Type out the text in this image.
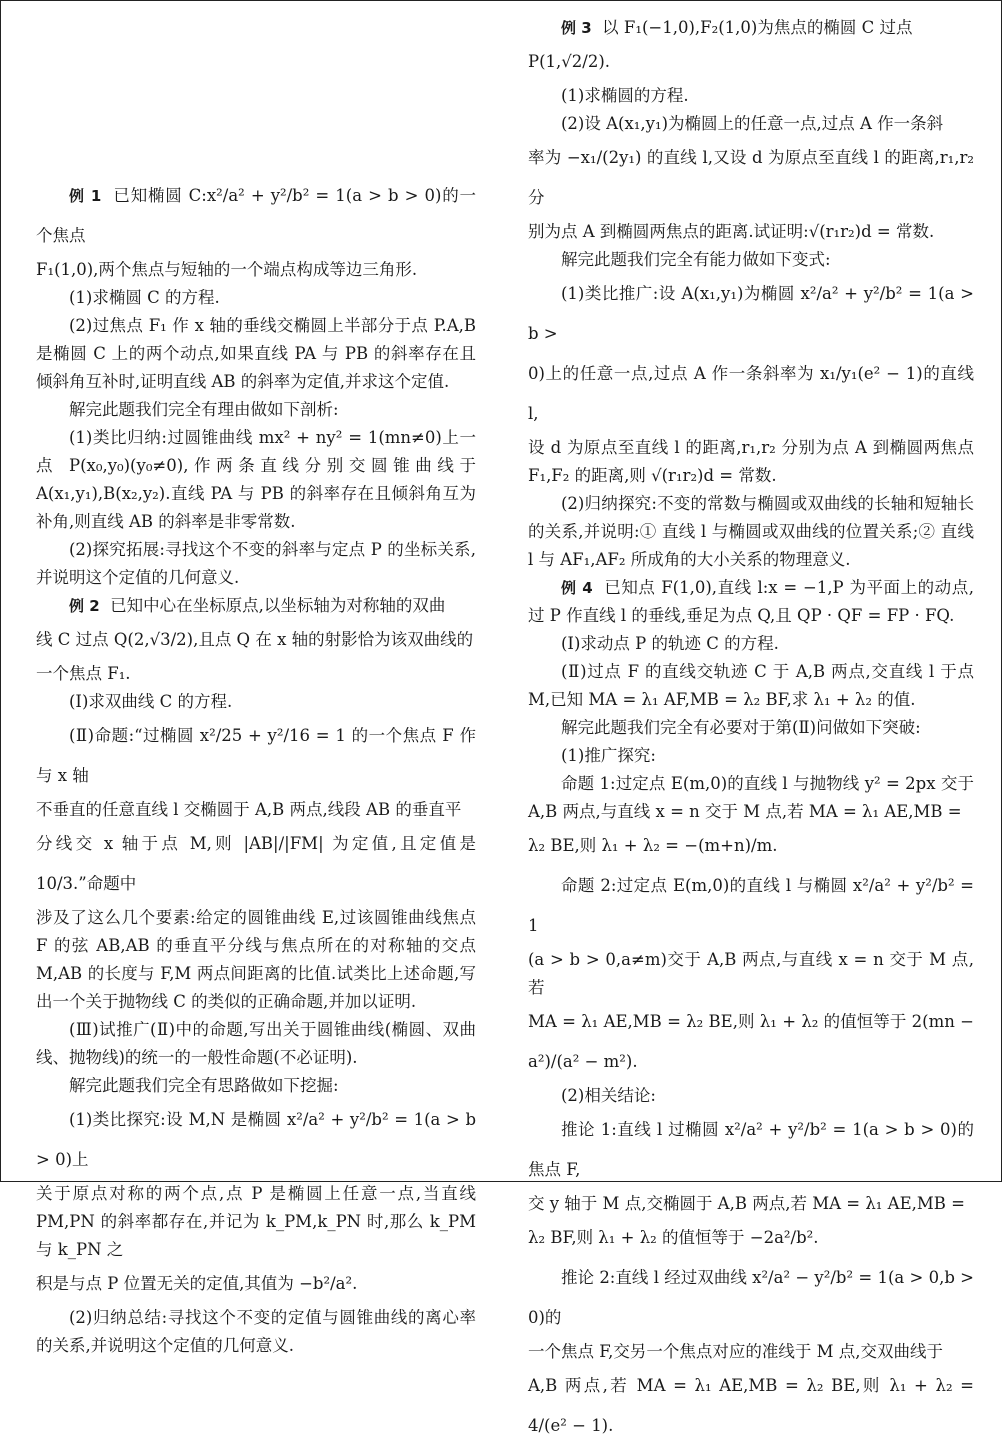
例 1 已知椭圆 C:x²/a² + y²/b² = 1(a > b > 0)的一个焦点

F₁(1,0),两个焦点与短轴的一个端点构成等边三角形.

(1)求椭圆 C 的方程.

(2)过焦点 F₁ 作 x 轴的垂线交椭圆上半部分于点 P.A,B 是椭圆 C 上的两个动点,如果直线 PA 与 PB 的斜率存在且倾斜角互补时,证明直线 AB 的斜率为定值,并求这个定值.

解完此题我们完全有理由做如下剖析:

(1)类比归纳:过圆锥曲线 mx² + ny² = 1(mn≠0)上一点 P(x₀,y₀)(y₀≠0),作两条直线分别交圆锥曲线于 A(x₁,y₁),B(x₂,y₂).直线 PA 与 PB 的斜率存在且倾斜角互为补角,则直线 AB 的斜率是非零常数.

(2)探究拓展:寻找这个不变的斜率与定点 P 的坐标关系,并说明这个定值的几何意义.

例 2 已知中心在坐标原点,以坐标轴为对称轴的双曲

线 C 过点 Q(2,√3/2),且点 Q 在 x 轴的射影恰为该双曲线的

一个焦点 F₁.

(Ⅰ)求双曲线 C 的方程.

(Ⅱ)命题:“过椭圆 x²/25 + y²/16 = 1 的一个焦点 F 作与 x 轴

不垂直的任意直线 l 交椭圆于 A,B 两点,线段 AB 的垂直平

分线交 x 轴于点 M,则 |AB|/|FM| 为定值,且定值是 10/3.”命题中

涉及了这么几个要素:给定的圆锥曲线 E,过该圆锥曲线焦点 F 的弦 AB,AB 的垂直平分线与焦点所在的对称轴的交点 M,AB 的长度与 F,M 两点间距离的比值.试类比上述命题,写出一个关于抛物线 C 的类似的正确命题,并加以证明.

(Ⅲ)试推广(Ⅱ)中的命题,写出关于圆锥曲线(椭圆、双曲线、抛物线)的统一的一般性命题(不必证明).

解完此题我们完全有思路做如下挖掘:

(1)类比探究:设 M,N 是椭圆 x²/a² + y²/b² = 1(a > b > 0)上

关于原点对称的两个点,点 P 是椭圆上任意一点,当直线 PM,PN 的斜率都存在,并记为 k_PM,k_PN 时,那么 k_PM 与 k_PN 之

积是与点 P 位置无关的定值,其值为 −b²/a².

(2)归纳总结:寻找这个不变的定值与圆锥曲线的离心率的关系,并说明这个定值的几何意义.

例 3 以 F₁(−1,0),F₂(1,0)为焦点的椭圆 C 过点

P(1,√2/2).

(1)求椭圆的方程.

(2)设 A(x₁,y₁)为椭圆上的任意一点,过点 A 作一条斜

率为 −x₁/(2y₁) 的直线 l,又设 d 为原点至直线 l 的距离,r₁,r₂ 分

别为点 A 到椭圆两焦点的距离.试证明:√(r₁r₂)d = 常数.

解完此题我们完全有能力做如下变式:

(1)类比推广:设 A(x₁,y₁)为椭圆 x²/a² + y²/b² = 1(a > b >

0)上的任意一点,过点 A 作一条斜率为 x₁/y₁(e² − 1)的直线 l,

设 d 为原点至直线 l 的距离,r₁,r₂ 分别为点 A 到椭圆两焦点 F₁,F₂ 的距离,则 √(r₁r₂)d = 常数.

(2)归纳探究:不变的常数与椭圆或双曲线的长轴和短轴长的关系,并说明:① 直线 l 与椭圆或双曲线的位置关系;② 直线 l 与 AF₁,AF₂ 所成角的大小关系的物理意义.

例 4 已知点 F(1,0),直线 l:x = −1,P 为平面上的动点,过 P 作直线 l 的垂线,垂足为点 Q,且 QP · QF = FP · FQ.

(Ⅰ)求动点 P 的轨迹 C 的方程.

(Ⅱ)过点 F 的直线交轨迹 C 于 A,B 两点,交直线 l 于点 M,已知 MA = λ₁ AF,MB = λ₂ BF,求 λ₁ + λ₂ 的值.

解完此题我们完全有必要对于第(Ⅱ)问做如下突破:

(1)推广探究:

命题 1:过定点 E(m,0)的直线 l 与抛物线 y² = 2px 交于 A,B 两点,与直线 x = n 交于 M 点,若 MA = λ₁ AE,MB =

λ₂ BE,则 λ₁ + λ₂ = −(m+n)/m.

命题 2:过定点 E(m,0)的直线 l 与椭圆 x²/a² + y²/b² = 1

(a > b > 0,a≠m)交于 A,B 两点,与直线 x = n 交于 M 点,若

MA = λ₁ AE,MB = λ₂ BE,则 λ₁ + λ₂ 的值恒等于 2(mn − a²)/(a² − m²).

(2)相关结论:

推论 1:直线 l 过椭圆 x²/a² + y²/b² = 1(a > b > 0)的焦点 F,

交 y 轴于 M 点,交椭圆于 A,B 两点,若 MA = λ₁ AE,MB =

λ₂ BF,则 λ₁ + λ₂ 的值恒等于 −2a²/b².

推论 2:直线 l 经过双曲线 x²/a² − y²/b² = 1(a > 0,b > 0)的

一个焦点 F,交另一个焦点对应的准线于 M 点,交双曲线于

A,B 两点,若 MA = λ₁ AE,MB = λ₂ BE,则 λ₁ + λ₂ = 4/(e² − 1).
